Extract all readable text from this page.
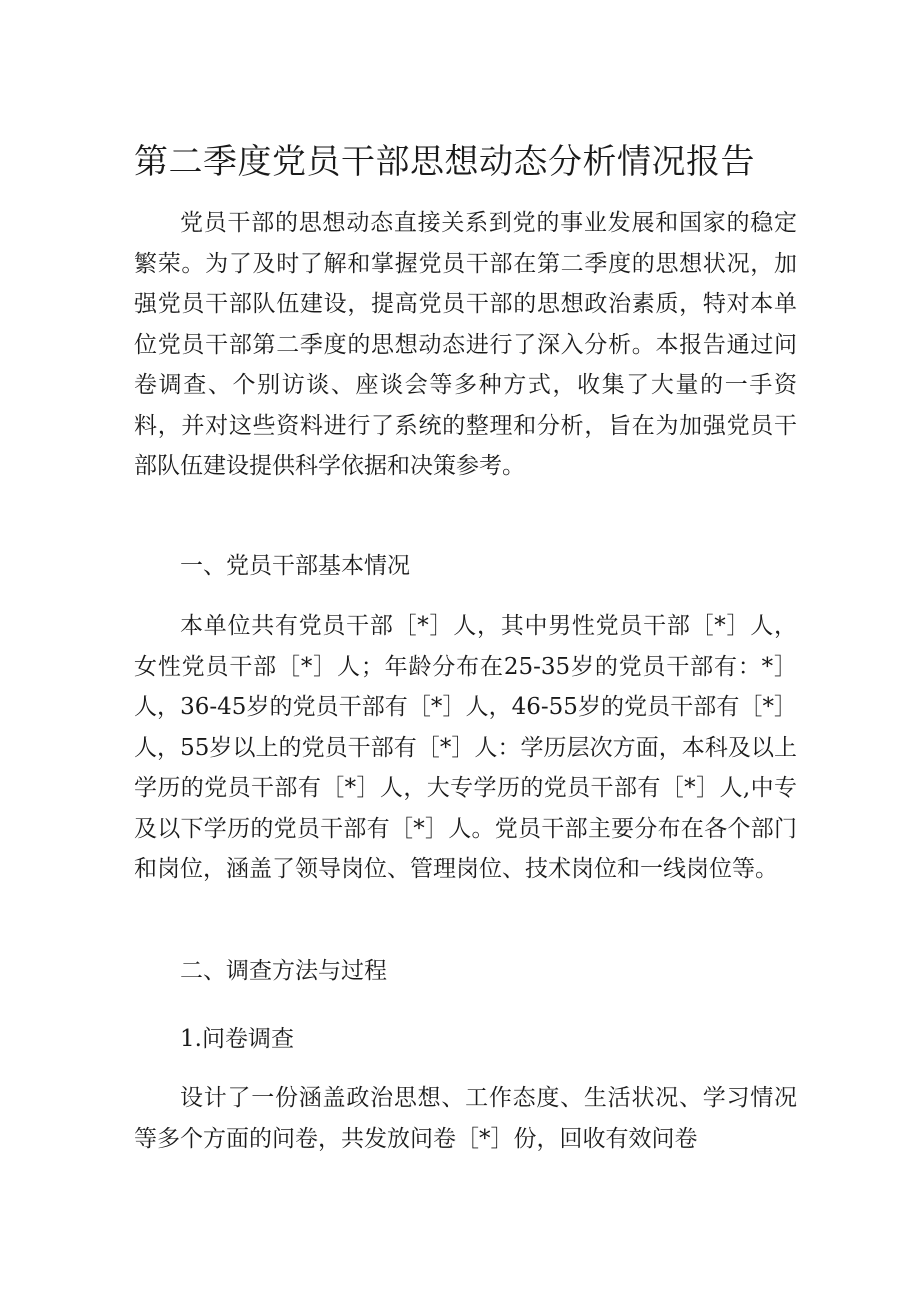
第二季度党员干部思想动态分析情况报告

党员干部的思想动态直接关系到党的事业发展和国家的稳定繁荣。为了及时了解和掌握党员干部在第二季度的思想状况，加强党员干部队伍建设，提高党员干部的思想政治素质，特对本单位党员干部第二季度的思想动态进行了深入分析。本报告通过问卷调查、个别访谈、座谈会等多种方式，收集了大量的一手资料，并对这些资料进行了系统的整理和分析，旨在为加强党员干部队伍建设提供科学依据和决策参考。

一、党员干部基本情况

本单位共有党员干部［*］人，其中男性党员干部［*］人，女性党员干部［*］人；年龄分布在25-35岁的党员干部有：*］人，36-45岁的党员干部有［*］人，46-55岁的党员干部有［*］人，55岁以上的党员干部有［*］人：学历层次方面，本科及以上学历的党员干部有［*］人，大专学历的党员干部有［*］人,中专及以下学历的党员干部有［*］人。党员干部主要分布在各个部门和岗位，涵盖了领导岗位、管理岗位、技术岗位和一线岗位等。

二、调查方法与过程

1.问卷调查

设计了一份涵盖政治思想、工作态度、生活状况、学习情况等多个方面的问卷，共发放问卷［*］份，回收有效问卷
